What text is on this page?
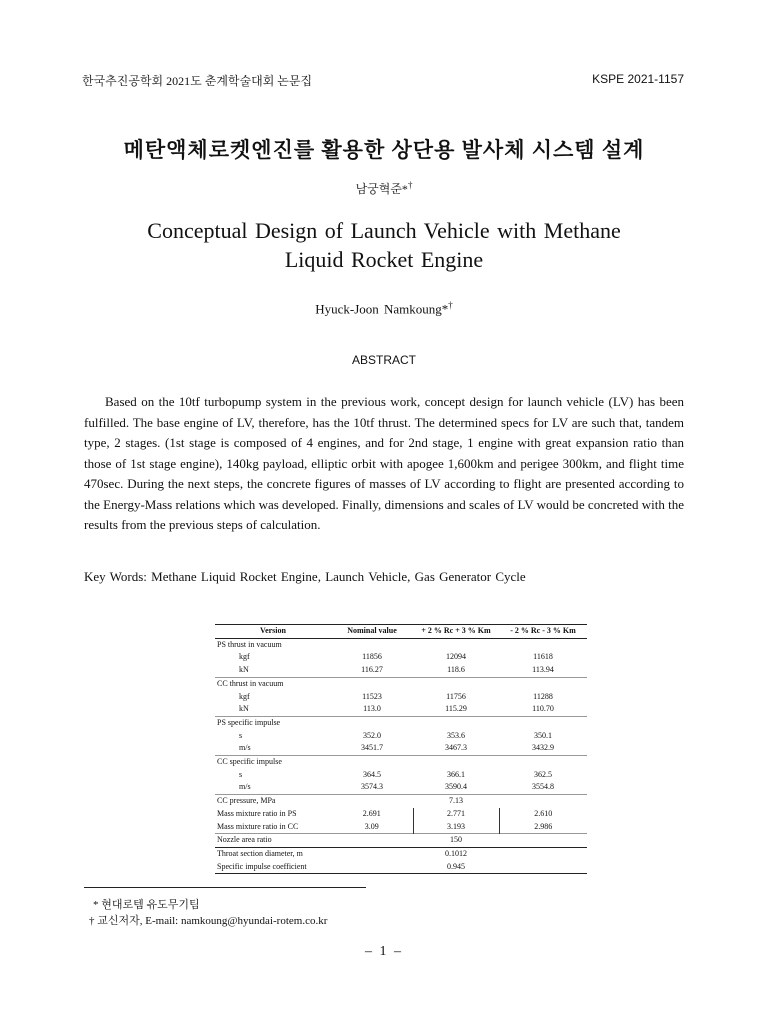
한국추진공학회 2021도 춘계학술대회 논문집	KSPE 2021-1157
메탄액체로켓엔진를 활용한 상단용 발사체 시스템 설계
남궁혁준*†
Conceptual Design of Launch Vehicle with Methane
Liquid Rocket Engine
Hyuck-Joon Namkoung*†
ABSTRACT
Based on the 10tf turbopump system in the previous work, concept design for launch vehicle (LV) has been fulfilled. The base engine of LV, therefore, has the 10tf thrust. The determined specs for LV are such that, tandem type, 2 stages. (1st stage is composed of 4 engines, and for 2nd stage, 1 engine with great expansion ratio than those of 1st stage engine), 140kg payload, elliptic orbit with apogee 1,600km and perigee 300km, and flight time 470sec. During the next steps, the concrete figures of masses of LV according to flight are presented according to the Energy-Mass relations which was developed. Finally, dimensions and scales of LV would be concreted with the results from the previous steps of calculation.
Key Words: Methane Liquid Rocket Engine, Launch Vehicle, Gas Generator Cycle
Version	Nominal value	+ 2 % Rc + 3 % Km	- 2 % Rc - 3 % Km
PS thrust in vacuum			
kgf	11856	12094	11618
kN	116.27	118.6	113.94
CC thrust in vacuum			
kgf	11523	11756	11288
kN	113.0	115.29	110.70
PS specific impulse			
s	352.0	353.6	350.1
m/s	3451.7	3467.3	3432.9
CC specific impulse			
s	364.5	366.1	362.5
m/s	3574.3	3590.4	3554.8
CC pressure, MPa		7.13	
Mass mixture ratio in PS	2.691	2.771	2.610
Mass mixture ratio in CC	3.09	3.193	2.986
Nozzle area ratio		150	
Throat section diameter, m		0.1012	
Specific impulse coefficient		0.945	
* 현대로템 유도무기팀
† 교신저자, E-mail: namkoung@hyundai-rotem.co.kr
– 1 –
